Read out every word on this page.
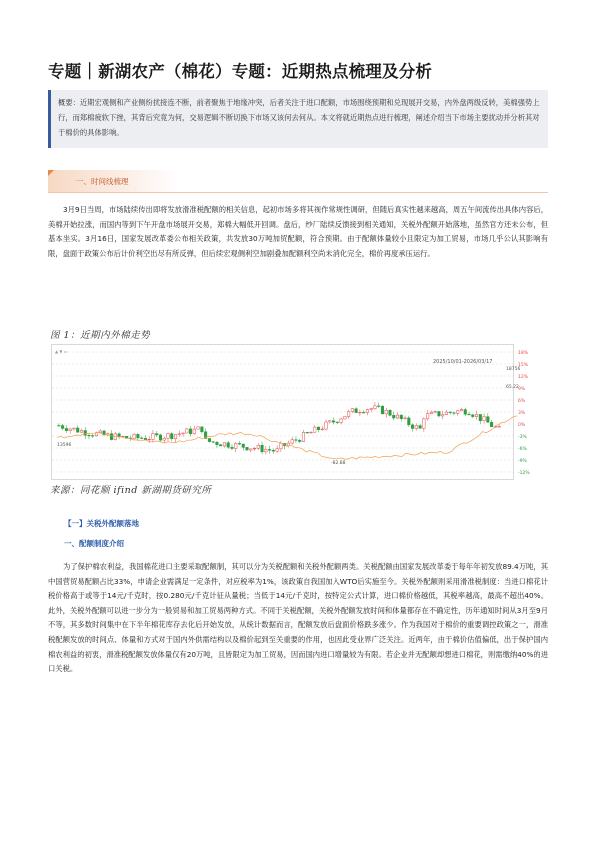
专题｜新湖农产（棉花）专题：近期热点梳理及分析
概要：近期宏观侧和产业侧纷扰接连不断，前者聚焦于地缘冲突，后者关注于进口配额，市场围绕预期和兑现展开交易，内外盘两级反转，美棉强势上行，而郑棉疲软下挫，其背后究竟为何，交易逻辑不断切换下市场又该何去何从。本文将就近期热点进行梳理，阐述介绍当下市场主要扰动并分析其对于棉价的具体影响。
一、时间线梳理
3月9日当周，市场陆续传出即将发放滑准税配额的相关信息，起初市场多将其视作常规性调研，但随后真实性越来越高，周五午间流传出具体内容后，美棉开始拉涨，而国内等到下午开盘市场展开交易，郑棉大幅低开回调。盘后，纱厂陆续反馈接到相关通知，关税外配额开始落地，虽然官方还未公布，但基本坐实。3月16日，国家发展改革委公布相关政策，共发放30万吨加贸配额，符合预期。由于配额体量较小且限定为加工贸易，市场几乎公认其影响有限，盘面于政策公布后计价利空出尽有所反弹，但后续宏观侧利空加剧叠加配额利空尚未消化完全，棉价再度承压运行。
图 1：近期内外棉走势
18%
15%
12%
9%
6%
3%
0%
-3%
-6%
-9%
-12%
▲ ▼ ▭
2025/10/01-2026/03/17
18756
65.22
-82.88
13596
来源：同花顺 ifind 新湖期货研究所
【一】关税外配额落地
一、配额制度介绍
为了保护棉农利益，我国棉花进口主要采取配额制，其可以分为关税配额和关税外配额两类。关税配额由国家发展改革委于每年年初发放89.4万吨，其中国营贸易配额占比33%，申请企业需满足一定条件，对应税率为1%，该政策自我国加入WTO后实施至今。关税外配额则采用滑准税制度：当进口棉花计税价格高于或等于14元/千克时，按0.280元/千克计征从量税；当低于14元/千克时，按特定公式计算，进口棉价格越低，其税率越高，最高不超出40%。此外，关税外配额可以进一步分为一般贸易和加工贸易两种方式。不同于关税配额，关税外配额发放时间和体量都存在不确定性，历年通知时间从3月至9月不等，其多数时间集中在下半年棉花库存去化后开始发放，从统计数据而言，配额发放后盘面价格跌多涨少。作为我国对于棉价的重要调控政策之一，滑准税配额发放的时间点、体量和方式对于国内外供需结构以及棉价起到至关重要的作用，也因此受业界广泛关注。近两年，由于棉价估值偏低，出于保护国内棉农利益的初衷，滑准税配额发放体量仅有20万吨，且皆限定为加工贸易，因而国内进口增量较为有限。若企业并无配额却想进口棉花，则需缴纳40%的进口关税。
